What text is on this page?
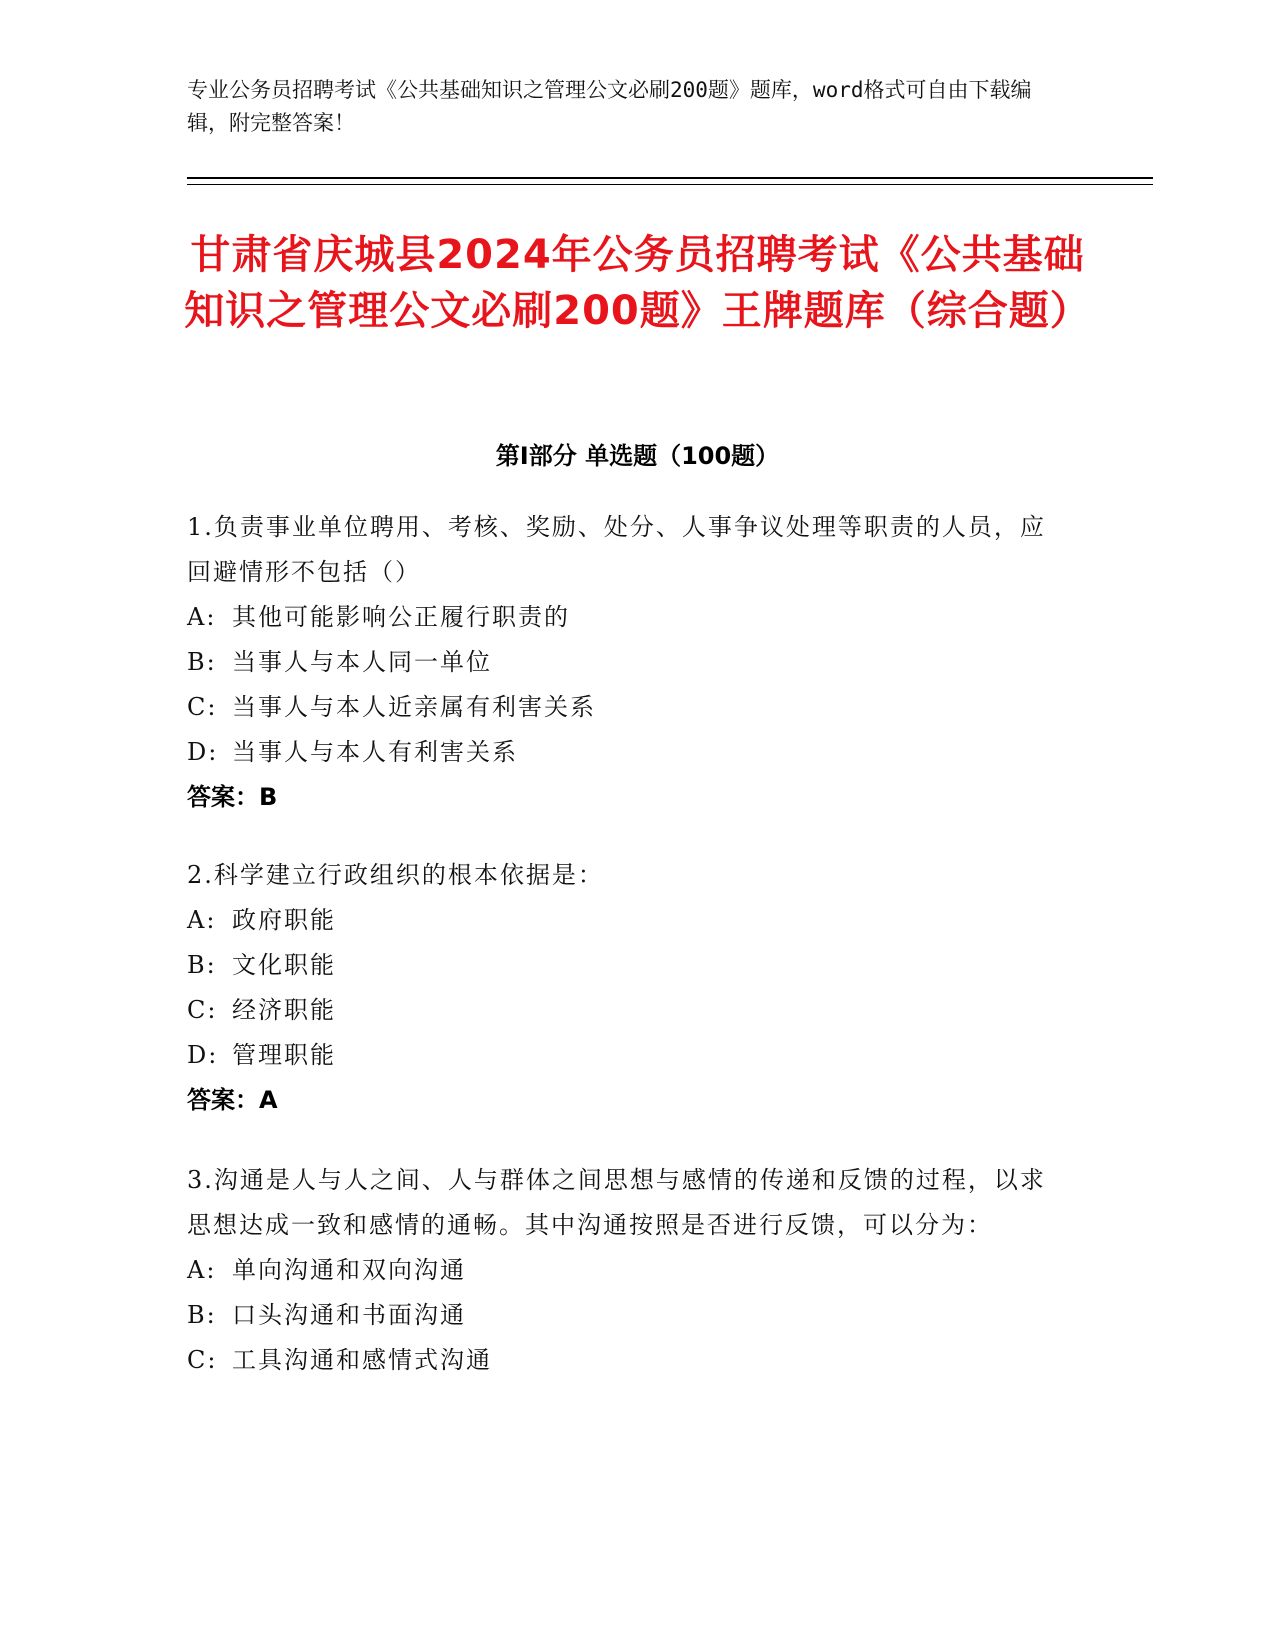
专业公务员招聘考试《公共基础知识之管理公文必刷200题》题库，word格式可自由下载编辑，附完整答案！
甘肃省庆城县2024年公务员招聘考试《公共基础知识之管理公文必刷200题》王牌题库（综合题）
第I部分 单选题（100题）
1.负责事业单位聘用、考核、奖励、处分、人事争议处理等职责的人员，应回避情形不包括（）
A: 其他可能影响公正履行职责的
B: 当事人与本人同一单位
C: 当事人与本人近亲属有利害关系
D: 当事人与本人有利害关系
答案：B
2.科学建立行政组织的根本依据是：
A: 政府职能
B: 文化职能
C: 经济职能
D: 管理职能
答案：A
3.沟通是人与人之间、人与群体之间思想与感情的传递和反馈的过程，以求思想达成一致和感情的通畅。其中沟通按照是否进行反馈，可以分为：
A: 单向沟通和双向沟通
B: 口头沟通和书面沟通
C: 工具沟通和感情式沟通
